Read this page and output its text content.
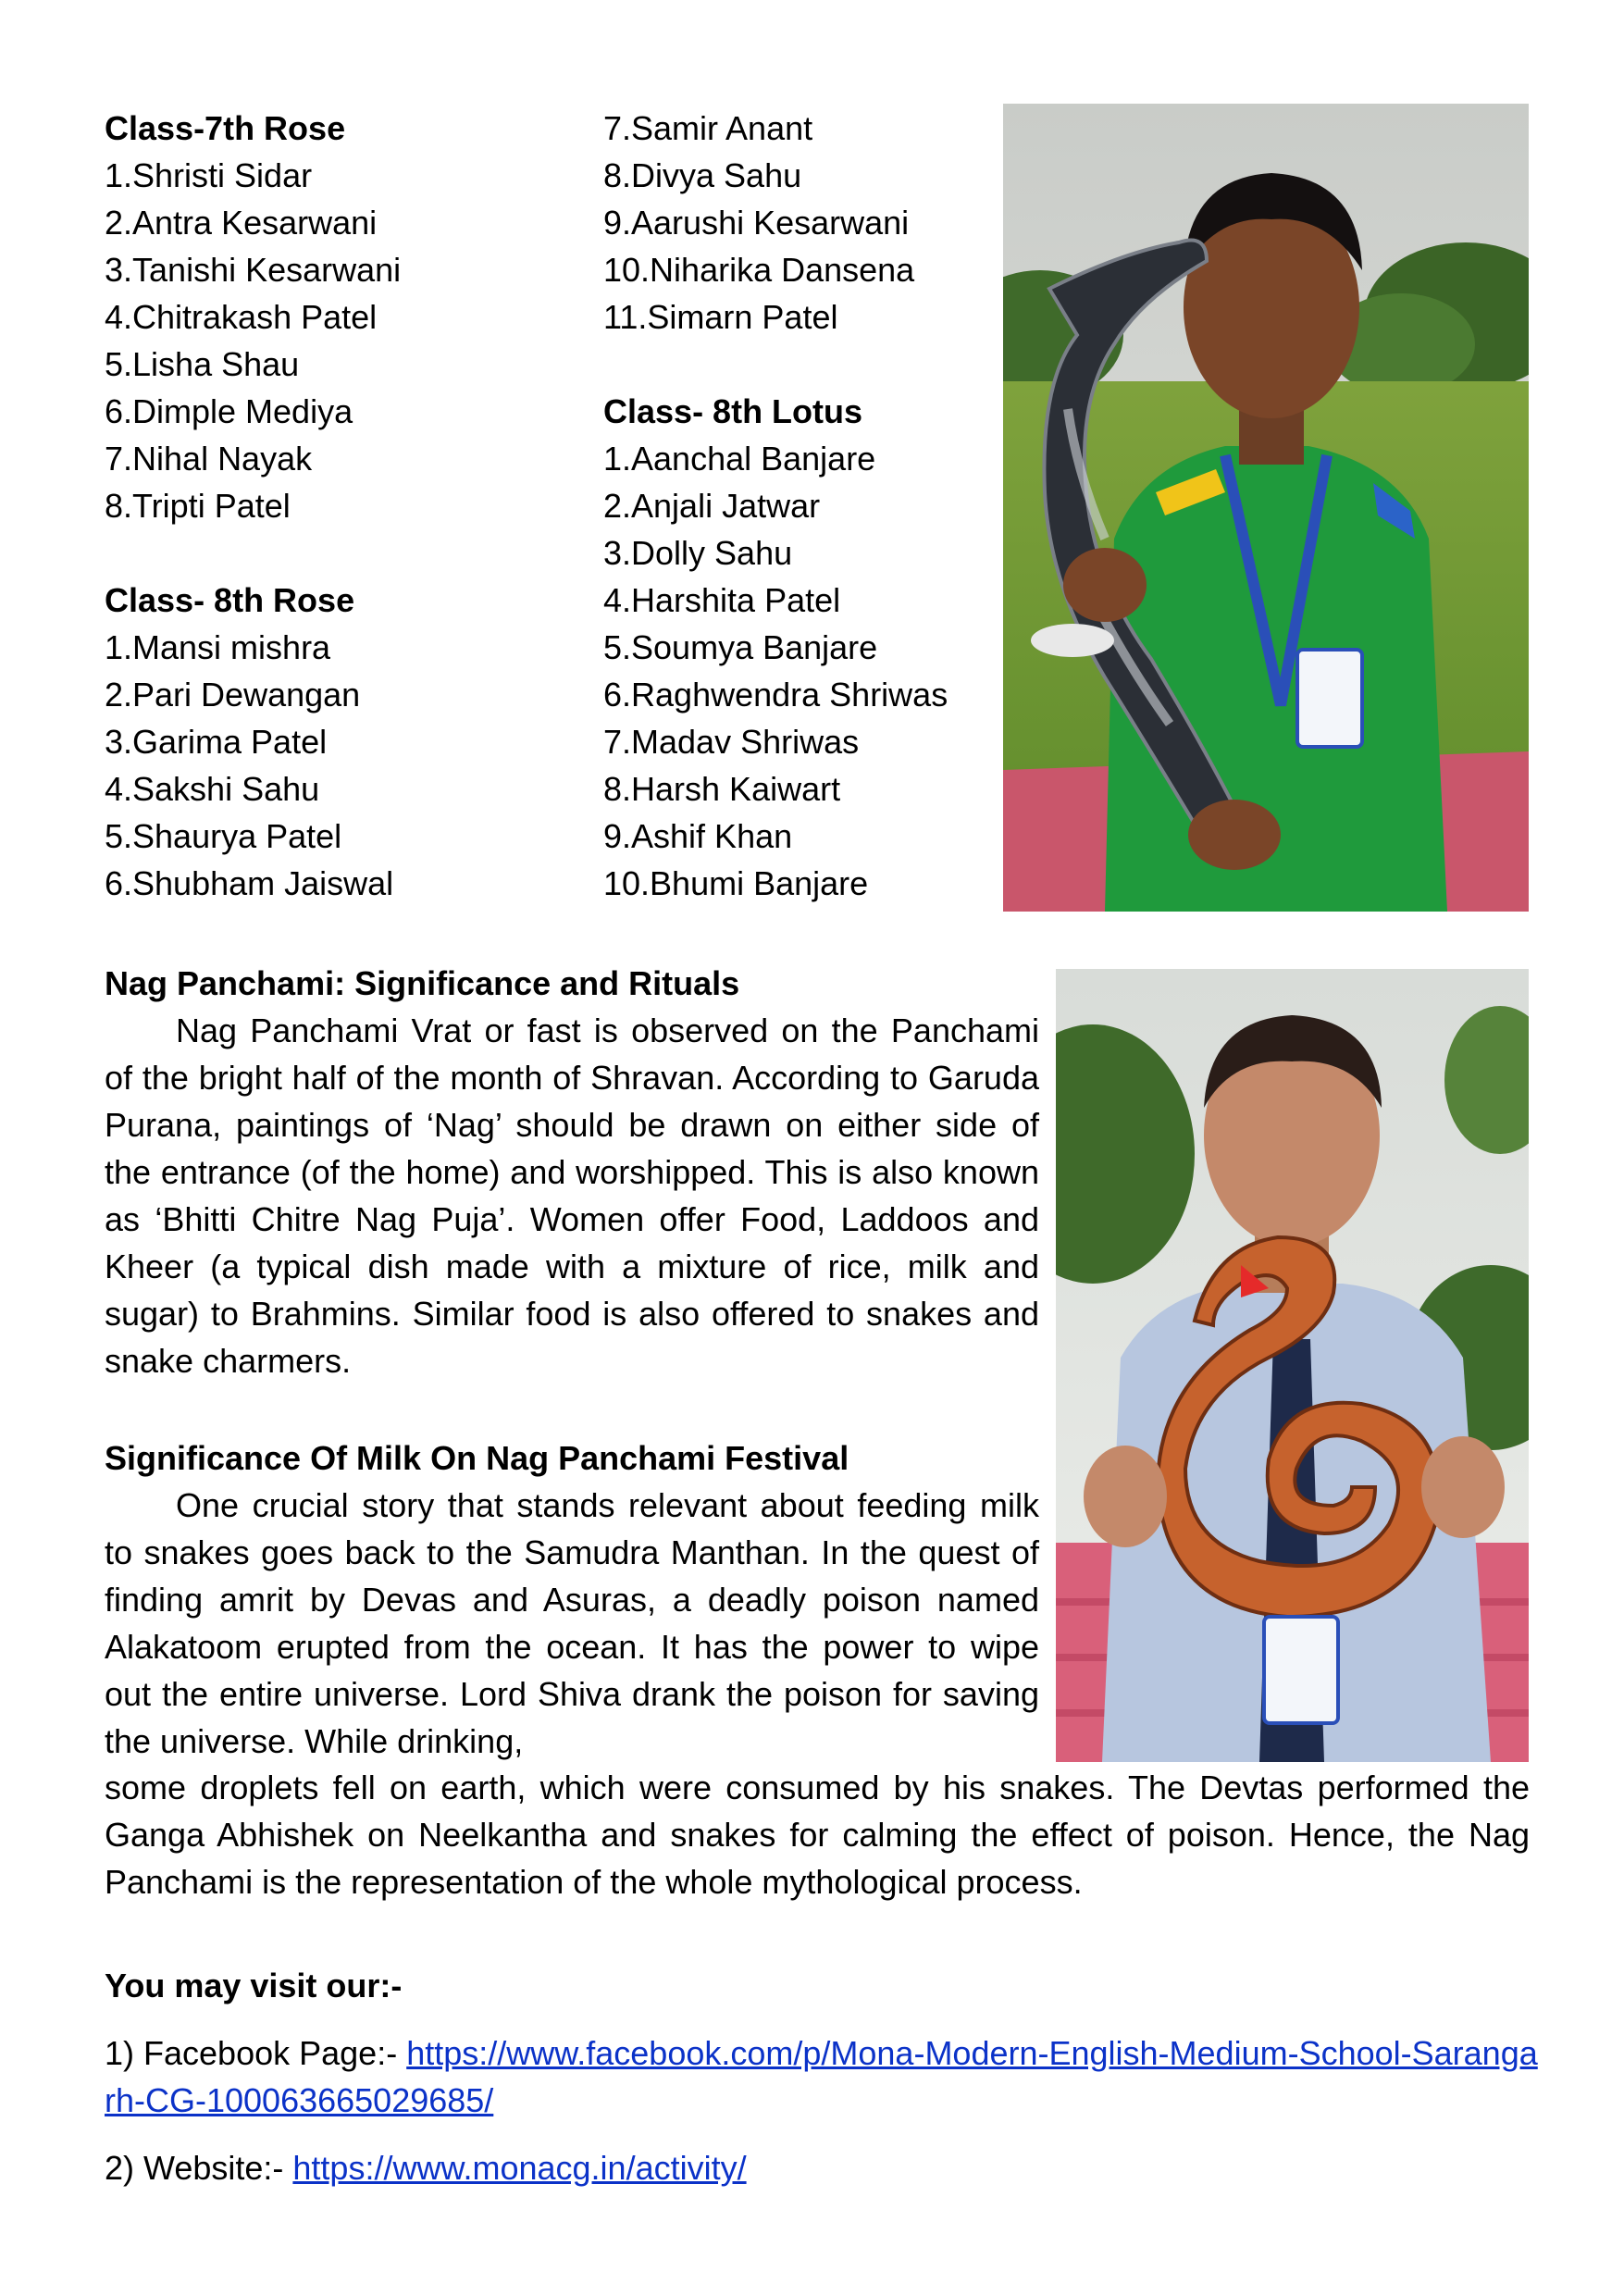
Class-7th Rose
1.Shristi Sidar
2.Antra Kesarwani
3.Tanishi Kesarwani
4.Chitrakash Patel
5.Lisha Shau
6.Dimple Mediya
7.Nihal Nayak
8.Tripti Patel
Class- 8th Rose
1.Mansi mishra
2.Pari Dewangan
3.Garima Patel
4.Sakshi Sahu
5.Shaurya Patel
6.Shubham Jaiswal
7.Samir Anant
8.Divya Sahu
9.Aarushi Kesarwani
10.Niharika Dansena
11.Simarn Patel
Class- 8th Lotus
1.Aanchal Banjare
2.Anjali Jatwar
3.Dolly Sahu
4.Harshita Patel
5.Soumya Banjare
6.Raghwendra Shriwas
7.Madav Shriwas
8.Harsh Kaiwart
9.Ashif Khan
10.Bhumi Banjare
Nag Panchami: Significance and Rituals
Nag Panchami Vrat or fast is observed on the Panchami of the bright half of the month of Shravan. According to Garuda Purana, paintings of ‘Nag’ should be drawn on either side of the entrance (of the home) and worshipped. This is also known as ‘Bhitti Chitre Nag Puja’. Women offer Food, Laddoos and Kheer (a typical dish made with a mixture of rice, milk and sugar) to Brahmins. Similar food is also offered to snakes and snake charmers.
Significance Of Milk On Nag Panchami Festival
One crucial story that stands relevant about feeding milk to snakes goes back to the Samudra Manthan. In the quest of finding amrit by Devas and Asuras, a deadly poison named Alakatoom erupted from the ocean. It has the power to wipe out the entire universe. Lord Shiva drank the poison for saving the universe. While drinking,
some droplets fell on earth, which were consumed by his snakes. The Devtas performed the Ganga Abhishek on Neelkantha and snakes for calming the effect of poison. Hence, the Nag Panchami is the representation of the whole mythological process.
You may visit our:-
1) Facebook Page:- https://www.facebook.com/p/Mona-Modern-English-Medium-School-Sarangarh-CG-100063665029685/
2) Website:- https://www.monacg.in/activity/
